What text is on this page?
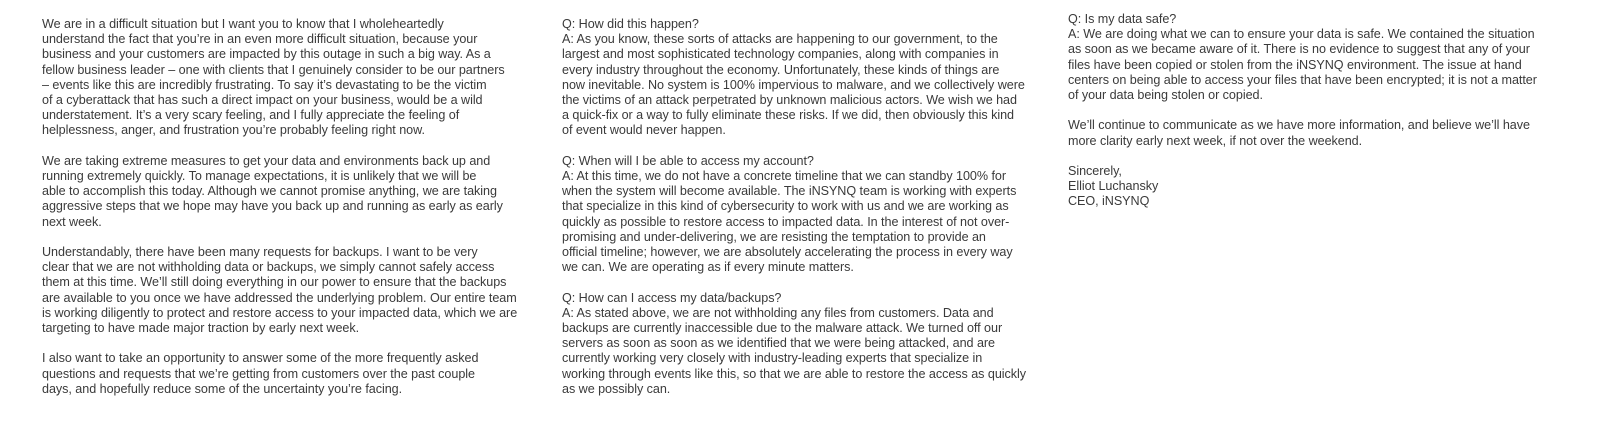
We are in a difficult situation but I want you to know that I wholeheartedly
understand the fact that you’re in an even more difficult situation, because your
business and your customers are impacted by this outage in such a big way. As a
fellow business leader – one with clients that I genuinely consider to be our partners
– events like this are incredibly frustrating. To say it’s devastating to be the victim
of a cyberattack that has such a direct impact on your business, would be a wild
understatement. It’s a very scary feeling, and I fully appreciate the feeling of
helplessness, anger, and frustration you’re probably feeling right now.

We are taking extreme measures to get your data and environments back up and
running extremely quickly. To manage expectations, it is unlikely that we will be
able to accomplish this today. Although we cannot promise anything, we are taking
aggressive steps that we hope may have you back up and running as early as early
next week.

Understandably, there have been many requests for backups. I want to be very
clear that we are not withholding data or backups, we simply cannot safely access
them at this time. We’ll still doing everything in our power to ensure that the backups
are available to you once we have addressed the underlying problem. Our entire team
is working diligently to protect and restore access to your impacted data, which we are
targeting to have made major traction by early next week.

I also want to take an opportunity to answer some of the more frequently asked
questions and requests that we’re getting from customers over the past couple
days, and hopefully reduce some of the uncertainty you’re facing.

Q: How did this happen?
A: As you know, these sorts of attacks are happening to our government, to the
largest and most sophisticated technology companies, along with companies in
every industry throughout the economy. Unfortunately, these kinds of things are
now inevitable. No system is 100% impervious to malware, and we collectively were
the victims of an attack perpetrated by unknown malicious actors. We wish we had
a quick-fix or a way to fully eliminate these risks. If we did, then obviously this kind
of event would never happen.

Q: When will I be able to access my account?
A: At this time, we do not have a concrete timeline that we can standby 100% for
when the system will become available. The iNSYNQ team is working with experts
that specialize in this kind of cybersecurity to work with us and we are working as
quickly as possible to restore access to impacted data. In the interest of not over-
promising and under-delivering, we are resisting the temptation to provide an
official timeline; however, we are absolutely accelerating the process in every way
we can. We are operating as if every minute matters.

Q: How can I access my data/backups?
A: As stated above, we are not withholding any files from customers. Data and
backups are currently inaccessible due to the malware attack. We turned off our
servers as soon as soon as we identified that we were being attacked, and are
currently working very closely with industry-leading experts that specialize in
working through events like this, so that we are able to restore the access as quickly
as we possibly can.

Q: Is my data safe?
A: We are doing what we can to ensure your data is safe. We contained the situation
as soon as we became aware of it. There is no evidence to suggest that any of your
files have been copied or stolen from the iNSYNQ environment. The issue at hand
centers on being able to access your files that have been encrypted; it is not a matter
of your data being stolen or copied.

We’ll continue to communicate as we have more information, and believe we’ll have
more clarity early next week, if not over the weekend.

Sincerely,
Elliot Luchansky
CEO, iNSYNQ
